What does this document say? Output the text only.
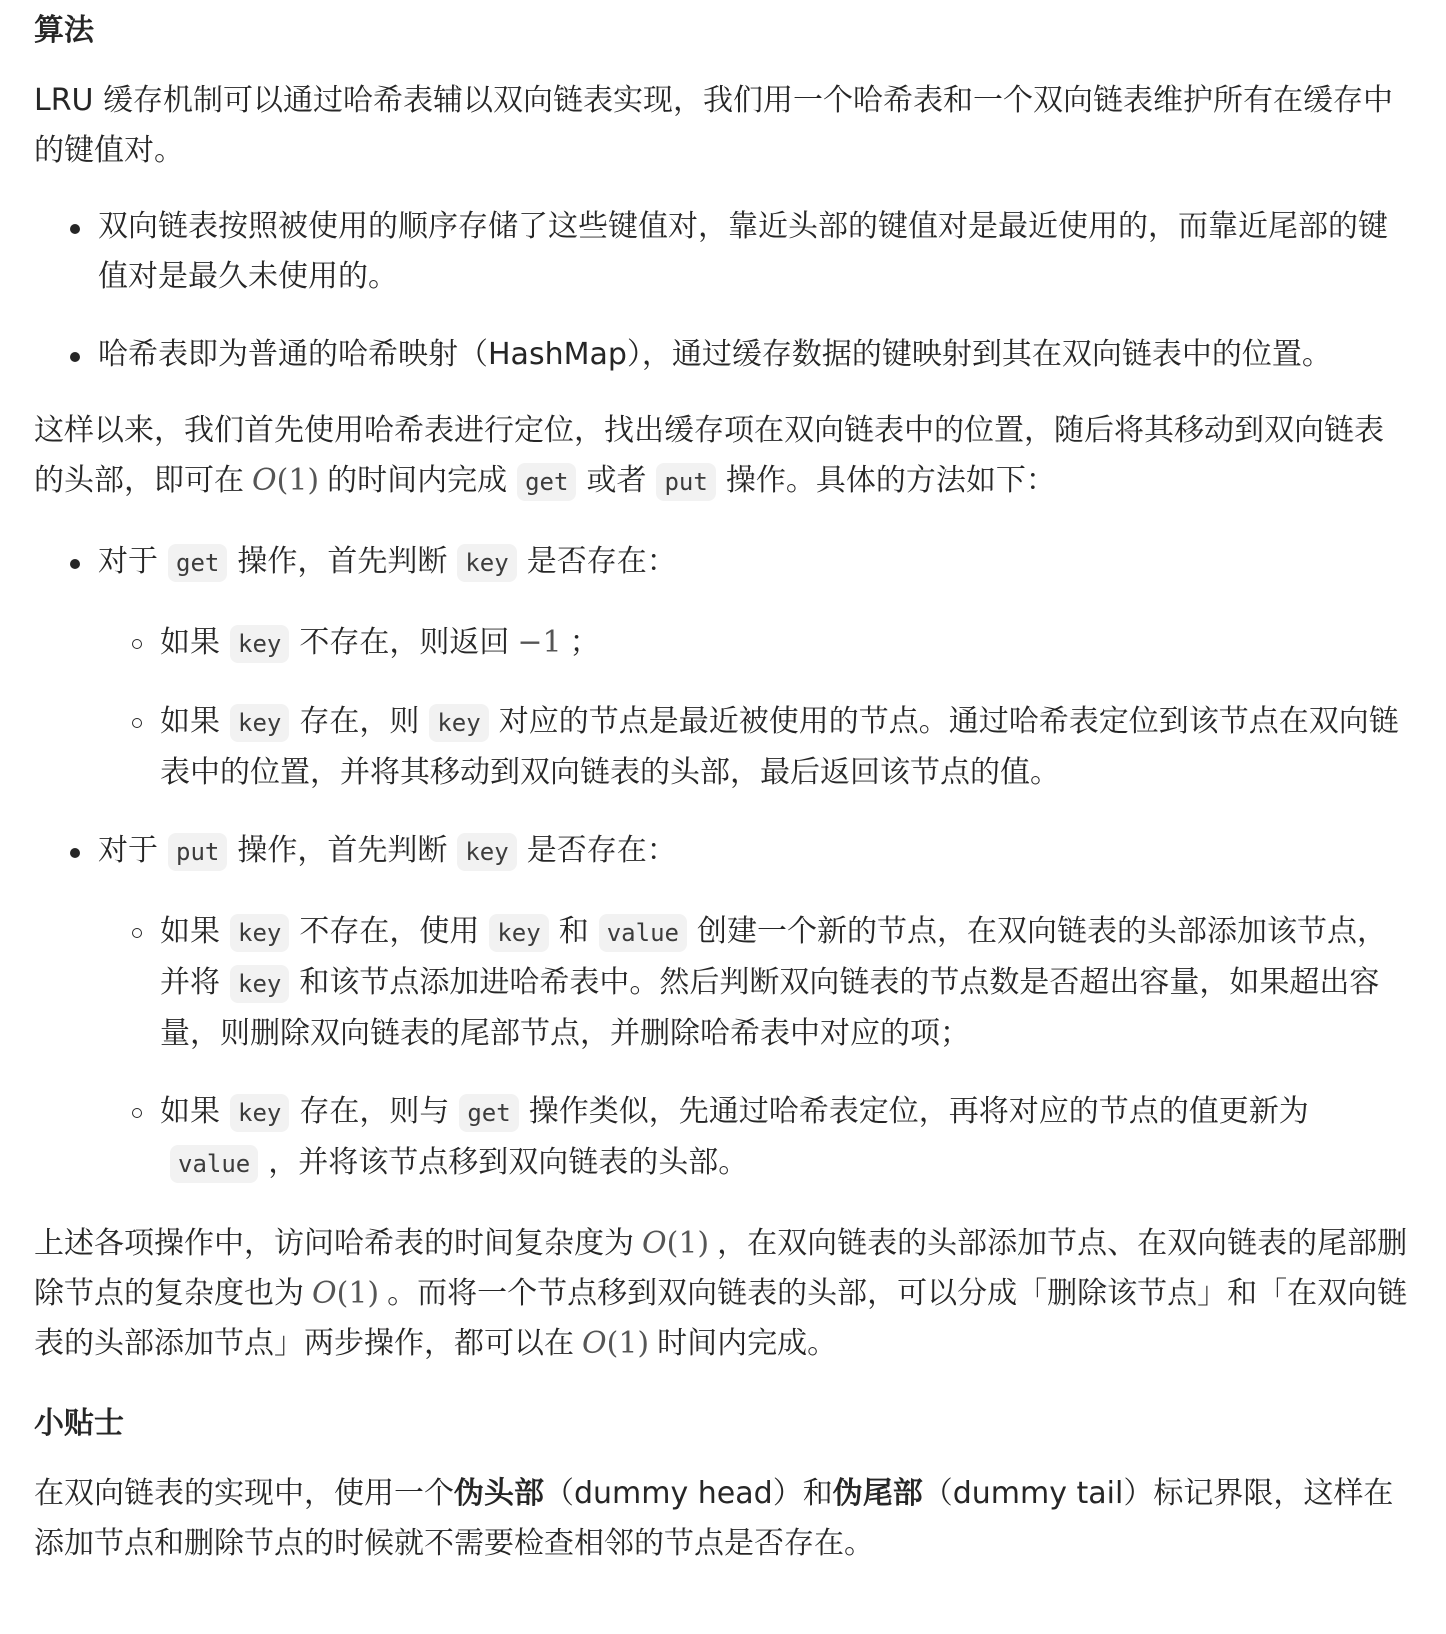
算法

LRU 缓存机制可以通过哈希表辅以双向链表实现，我们用一个哈希表和一个双向链表维护所有在缓存中的键值对。

双向链表按照被使用的顺序存储了这些键值对，靠近头部的键值对是最近使用的，而靠近尾部的键值对是最久未使用的。
哈希表即为普通的哈希映射（HashMap），通过缓存数据的键映射到其在双向链表中的位置。

这样以来，我们首先使用哈希表进行定位，找出缓存项在双向链表中的位置，随后将其移动到双向链表的头部，即可在 O(1) 的时间内完成 get 或者 put 操作。具体的方法如下：

对于 get 操作，首先判断 key 是否存在：
如果 key 不存在，则返回 −1 ；
如果 key 存在，则 key 对应的节点是最近被使用的节点。通过哈希表定位到该节点在双向链表中的位置，并将其移动到双向链表的头部，最后返回该节点的值。
对于 put 操作，首先判断 key 是否存在：
如果 key 不存在，使用 key 和 value 创建一个新的节点，在双向链表的头部添加该节点，并将 key 和该节点添加进哈希表中。然后判断双向链表的节点数是否超出容量，如果超出容量，则删除双向链表的尾部节点，并删除哈希表中对应的项；
如果 key 存在，则与 get 操作类似，先通过哈希表定位，再将对应的节点的值更新为value ，并将该节点移到双向链表的头部。

上述各项操作中，访问哈希表的时间复杂度为 O(1) ，在双向链表的头部添加节点、在双向链表的尾部删除节点的复杂度也为 O(1) 。而将一个节点移到双向链表的头部，可以分成「删除该节点」和「在双向链表的头部添加节点」两步操作，都可以在 O(1) 时间内完成。

小贴士

在双向链表的实现中，使用一个伪头部（dummy head）和伪尾部（dummy tail）标记界限，这样在添加节点和删除节点的时候就不需要检查相邻的节点是否存在。
